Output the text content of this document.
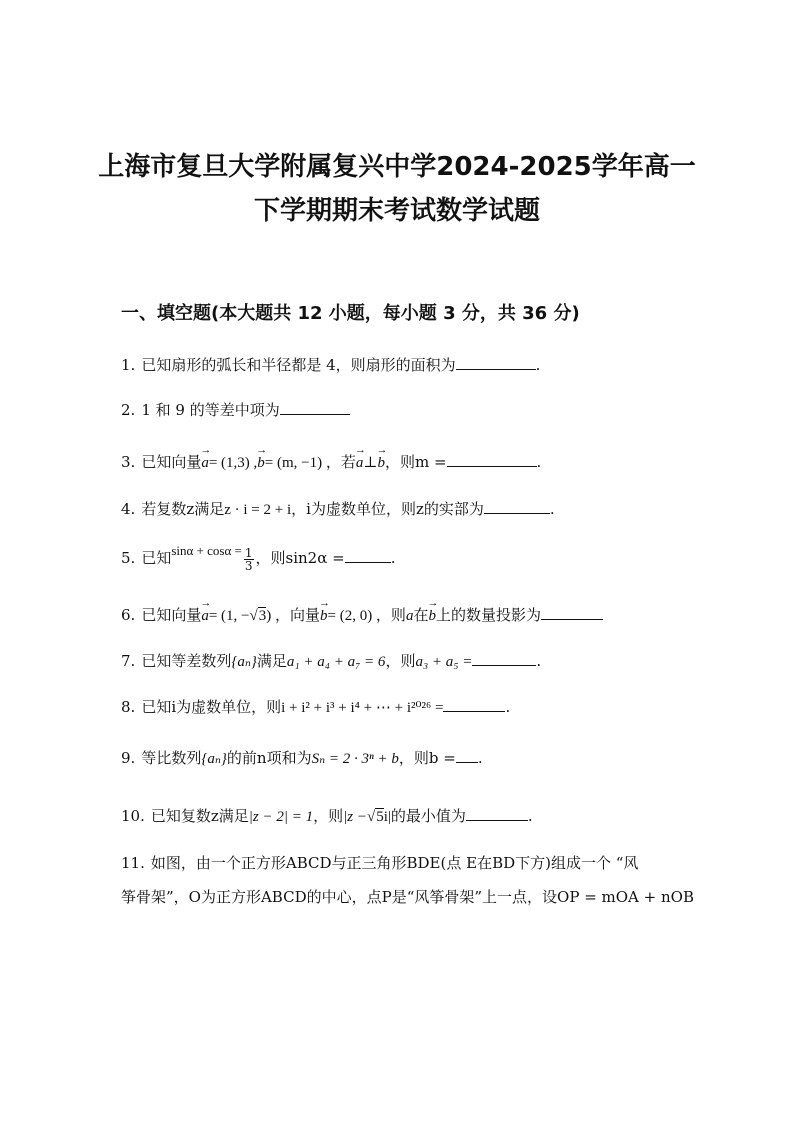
上海市复旦大学附属复兴中学2024-2025学年高一
下学期期末考试数学试题
一、填空题(本大题共 12 小题，每小题 3 分，共 36 分)
1. 已知扇形的弧长和半径都是 4，则扇形的面积为	.
2. 1 和 9 的等差中项为
3. 已知向量→ a= (1,3) ,→ b= (m, −1) ，若→ a⊥→ b，则m =	.
4. 若复数z满足z · i = 2 + i，i为虚数单位，则z的实部为	.
5. 已知$\sin\alpha + \cos\alpha = \frac{1}{3}$ ，则sin2α =	.
6. 已知向量→ a= (1, −√3) ，向量→ b= (2, 0) ，则a在→ b上的数量投影为
7. 已知等差数列{aₙ}满足a₁ + a₄ + a₇ = 6，则a₃ + a₅ =	.
8. 已知i为虚数单位，则i + i² + i³ + i⁴ + ⋯ + i²⁰²⁶ =	.
9. 等比数列{aₙ}的前n项和为Sₙ = 2 · 3ⁿ + b，则b = .
10. 已知复数z满足|z − 2| = 1，则|z −√5i|的最小值为	.
11. 如图，由一个正方形ABCD与正三角形BDE(点 E在BD下方)组成一个 “风
筝骨架”，O为正方形ABCD的中心，点P是“风筝骨架”上一点，设OP = mOA + nOB
